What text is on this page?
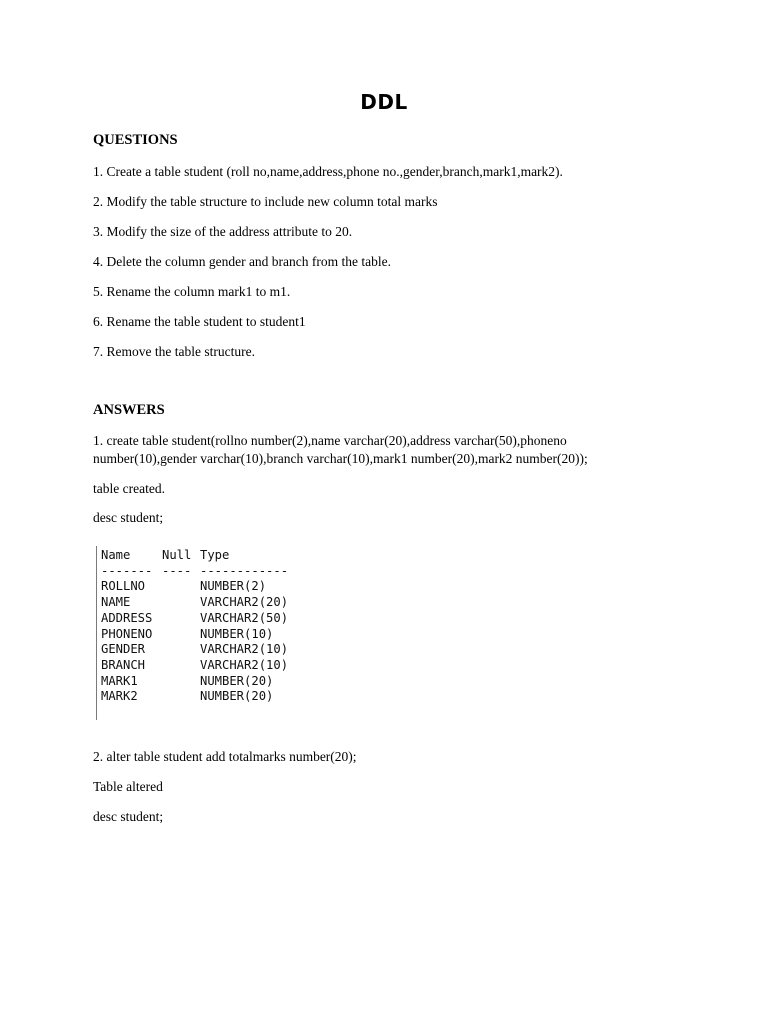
DDL
QUESTIONS
1. Create a table student (roll no,name,address,phone no.,gender,branch,mark1,mark2).
2. Modify the table structure to include new column total marks
3. Modify the size of the address attribute to 20.
4. Delete the column gender and branch from the table.
5. Rename the column mark1 to m1.
6. Rename the table student to student1
7. Remove the table structure.
ANSWERS
1. create table student(rollno number(2),name varchar(20),address varchar(50),phoneno
number(10),gender varchar(10),branch varchar(10),mark1 number(20),mark2 number(20));
table created.
desc student;
Name	Null Type
------- ---- ------------
ROLLNO	NUMBER(2)
NAME	VARCHAR2(20)
ADDRESS	VARCHAR2(50)
PHONENO	NUMBER(10)
GENDER	VARCHAR2(10)
BRANCH	VARCHAR2(10)
MARK1	NUMBER(20)
MARK2	NUMBER(20)
2. alter table student add totalmarks number(20);
Table altered
desc student;
